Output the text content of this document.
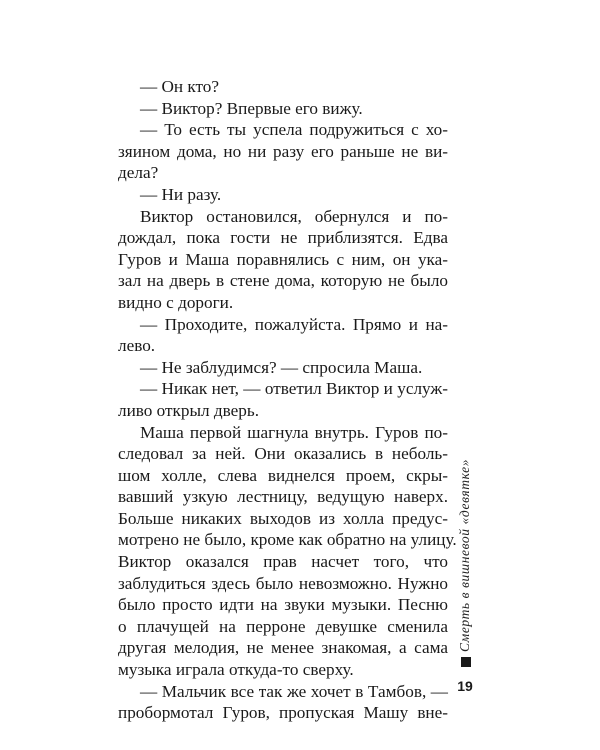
— Он кто?
— Виктор? Впервые его вижу.
— То есть ты успела подружиться с хо-
зяином дома, но ни разу его раньше не ви-
дела?
— Ни разу.
Виктор остановился, обернулся и по-
дождал, пока гости не приблизятся. Едва
Гуров и Маша поравнялись с ним, он ука-
зал на дверь в стене дома, которую не было
видно с дороги.
— Проходите, пожалуйста. Прямо и на-
лево.
— Не заблудимся? — спросила Маша.
— Никак нет, — ответил Виктор и услуж-
ливо открыл дверь.
Маша первой шагнула внутрь. Гуров по-
следовал за ней. Они оказались в неболь-
шом холле, слева виднелся проем, скры-
вавший узкую лестницу, ведущую наверх.
Больше никаких выходов из холла предус-
мотрено не было, кроме как обратно на улицу.
Виктор оказался прав насчет того, что
заблудиться здесь было невозможно. Нужно
было просто идти на звуки музыки. Песню
о плачущей на перроне девушке сменила
другая мелодия, не менее знакомая, а сама
музыка играла откуда-то сверху.
— Мальчик все так же хочет в Тамбов, —
пробормотал Гуров, пропуская Машу вне-
Смерть в вишневой «девятке»
19
